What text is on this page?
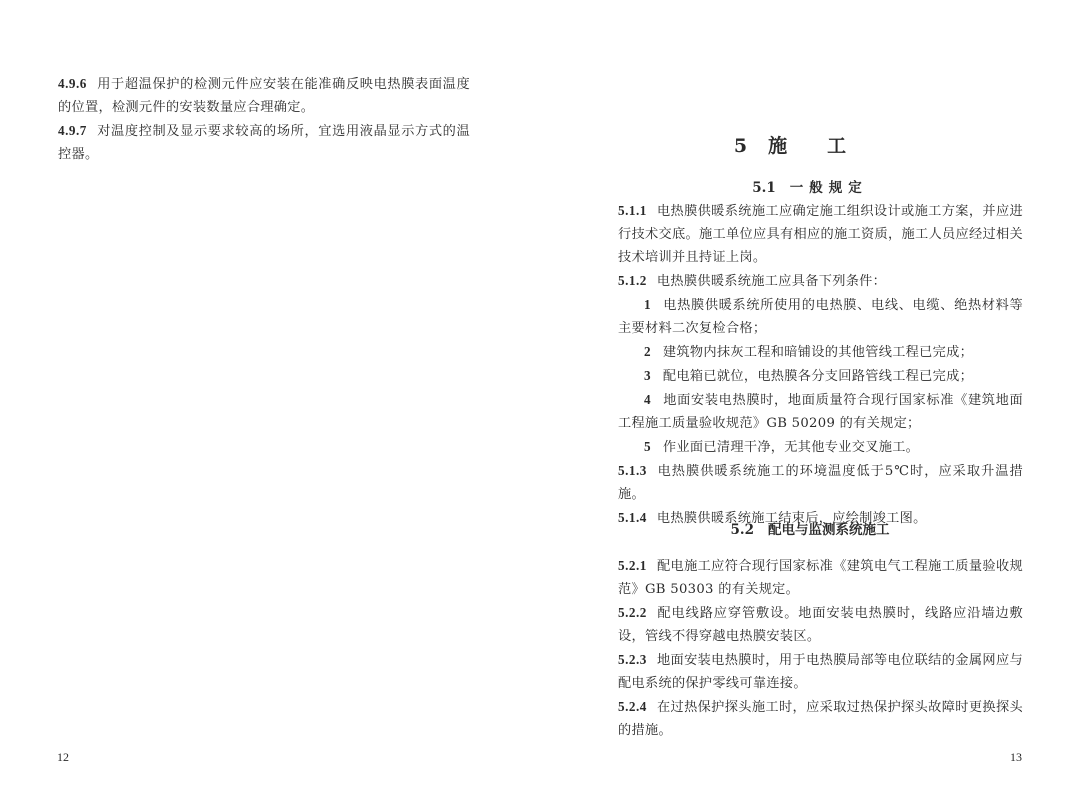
4.9.6 用于超温保护的检测元件应安装在能准确反映电热膜表面温度的位置，检测元件的安装数量应合理确定。

4.9.7 对温度控制及显示要求较高的场所，宜选用液晶显示方式的温控器。

12
5 施工
5.1 一般规定

5.1.1 电热膜供暖系统施工应确定施工组织设计或施工方案，并应进行技术交底。施工单位应具有相应的施工资质，施工人员应经过相关技术培训并且持证上岗。

5.1.2 电热膜供暖系统施工应具备下列条件：

1 电热膜供暖系统所使用的电热膜、电线、电缆、绝热材料等主要材料二次复检合格；

2 建筑物内抹灰工程和暗铺设的其他管线工程已完成；

3 配电箱已就位，电热膜各分支回路管线工程已完成；

4 地面安装电热膜时，地面质量符合现行国家标准《建筑地面工程施工质量验收规范》GB 50209 的有关规定；

5 作业面已清理干净，无其他专业交叉施工。

5.1.3 电热膜供暖系统施工的环境温度低于5℃时，应采取升温措施。

5.1.4 电热膜供暖系统施工结束后，应绘制竣工图。

5.2 配电与监测系统施工

5.2.1 配电施工应符合现行国家标准《建筑电气工程施工质量验收规范》GB 50303 的有关规定。

5.2.2 配电线路应穿管敷设。地面安装电热膜时，线路应沿墙边敷设，管线不得穿越电热膜安装区。

5.2.3 地面安装电热膜时，用于电热膜局部等电位联结的金属网应与配电系统的保护零线可靠连接。

5.2.4 在过热保护探头施工时，应采取过热保护探头故障时更换探头的措施。

13
